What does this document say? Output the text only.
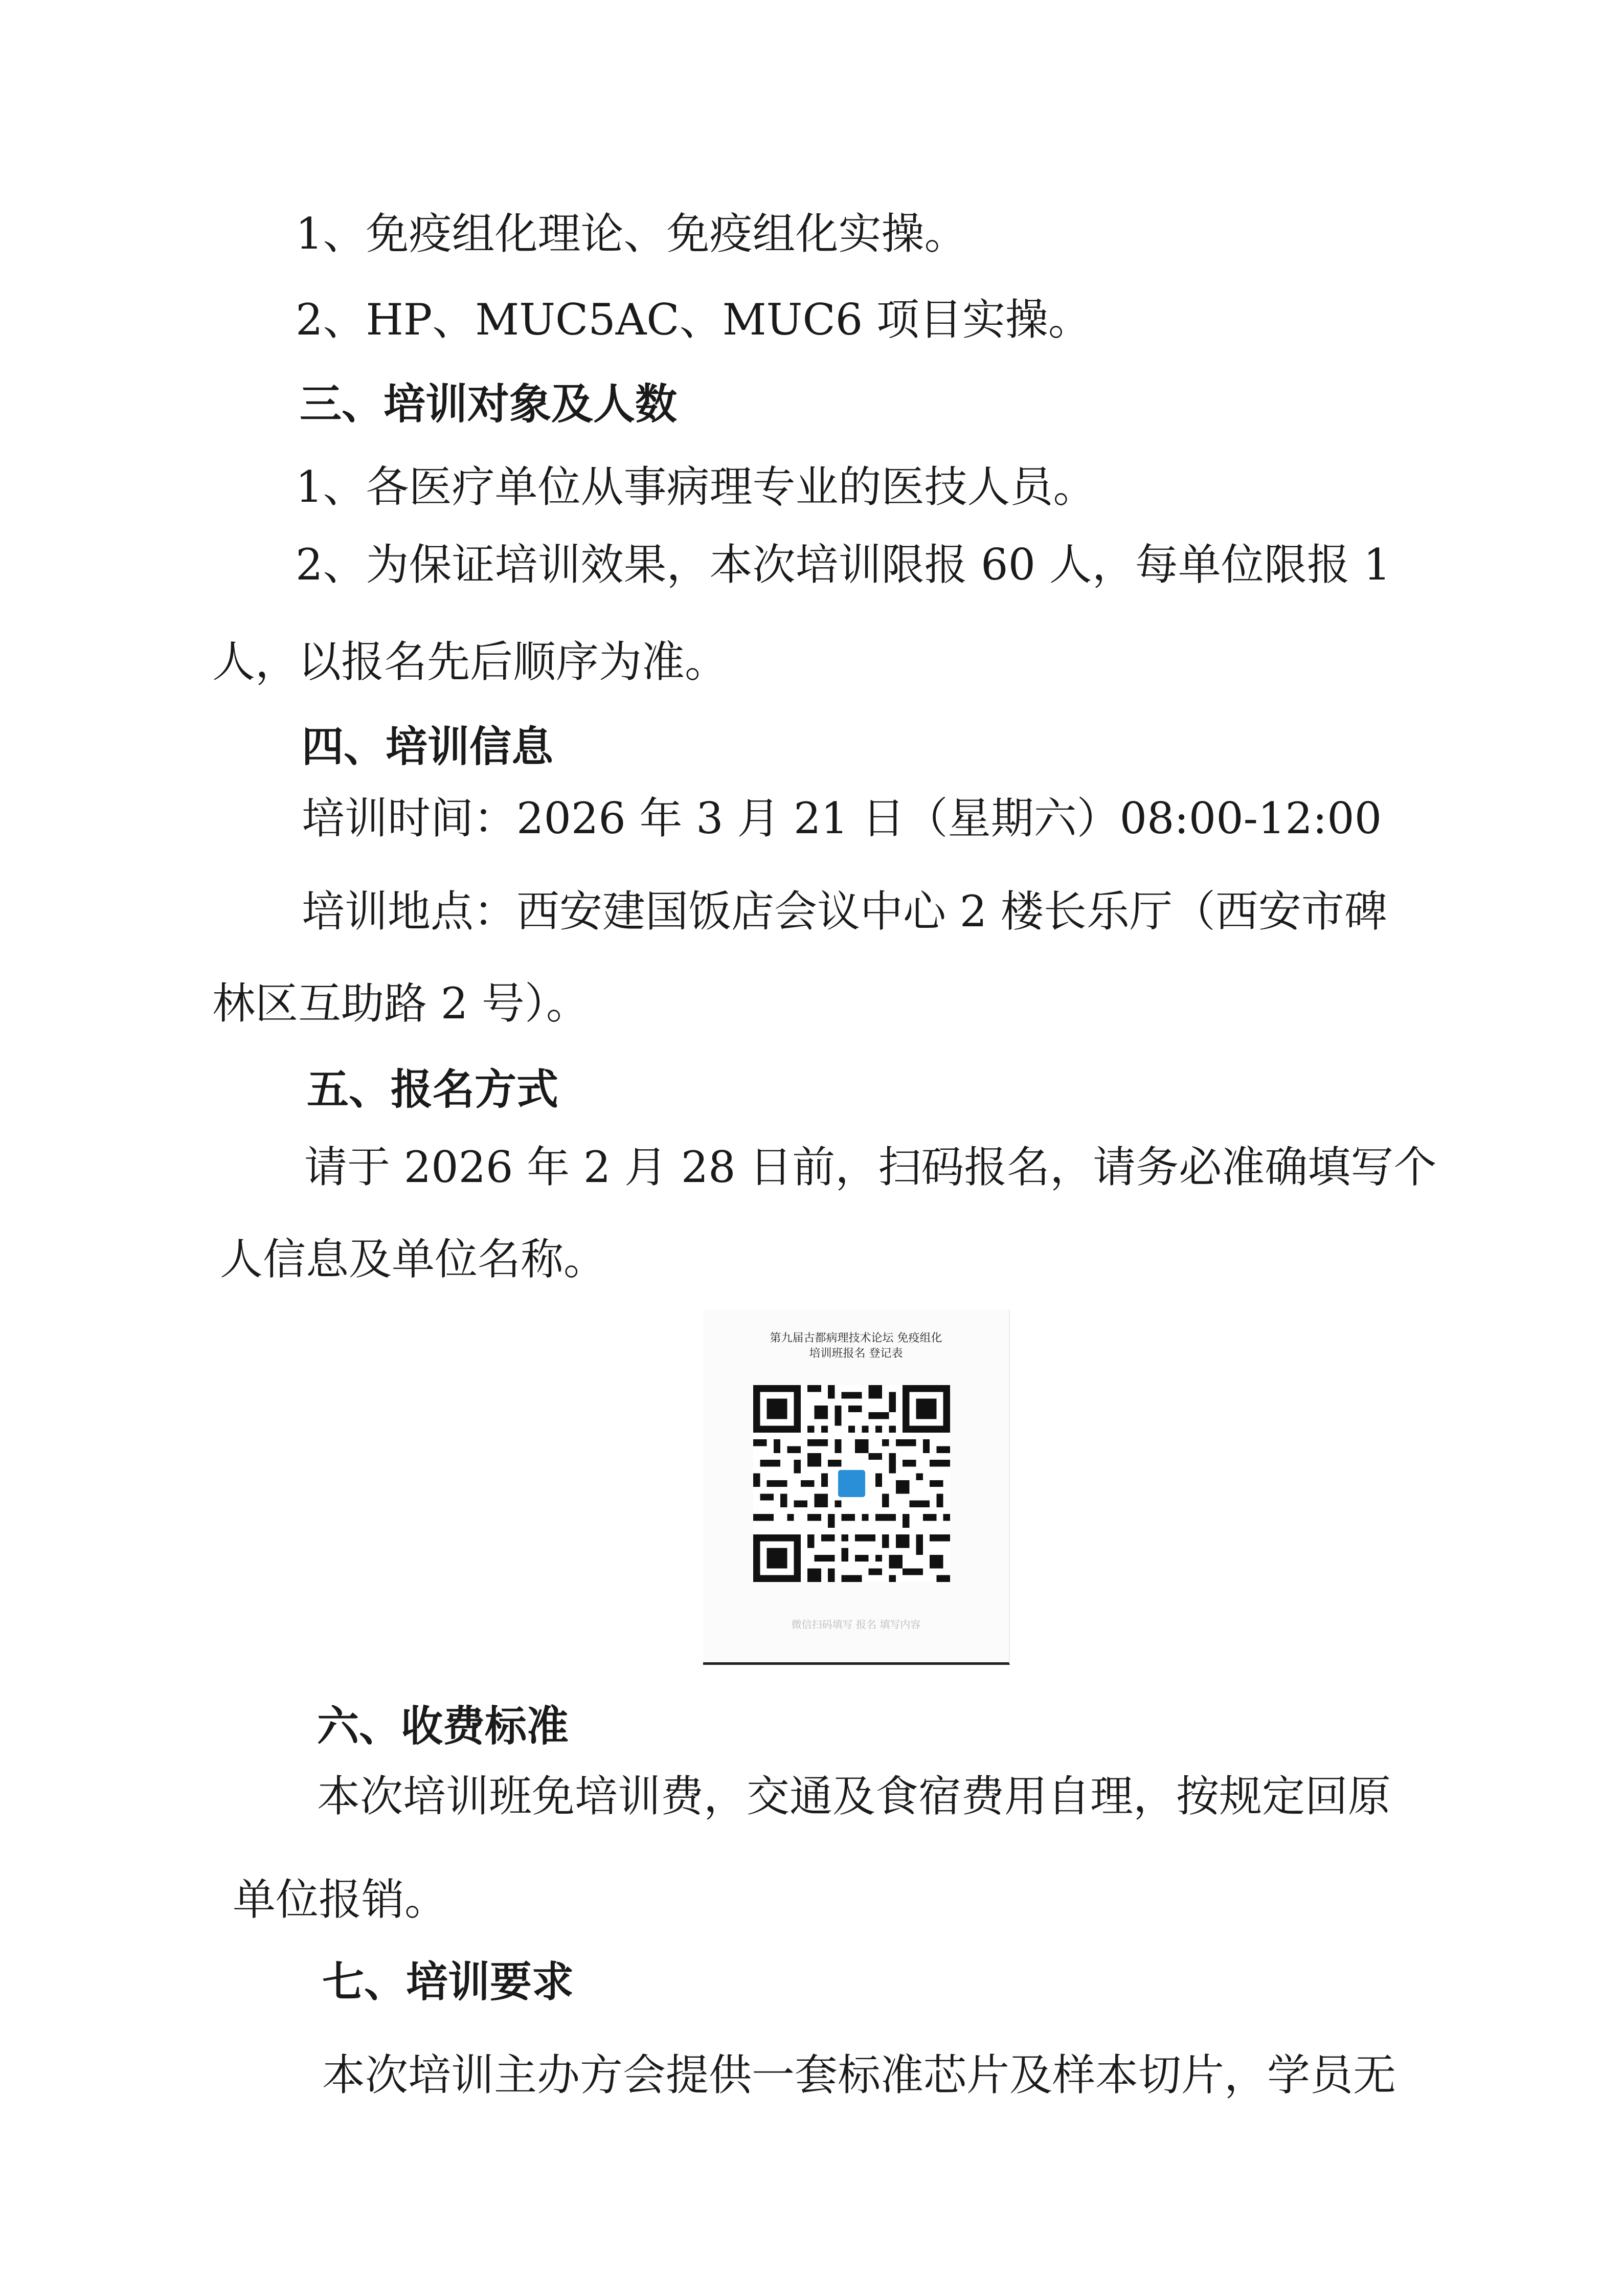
1、免疫组化理论、免疫组化实操。
2、HP、MUC5AC、MUC6 项目实操。
三、培训对象及人数
1、各医疗单位从事病理专业的医技人员。
2、为保证培训效果，本次培训限报 60 人，每单位限报 1
人，以报名先后顺序为准。
四、培训信息
培训时间：2026 年 3 月 21 日（星期六）08:00-12:00
培训地点：西安建国饭店会议中心 2 楼长乐厅（西安市碑
林区互助路 2 号）。
五、报名方式
请于 2026 年 2 月 28 日前，扫码报名，请务必准确填写个
人信息及单位名称。
第九届古都病理技术论坛 免疫组化
培训班报名 登记表
微信扫码填写 报名 填写内容
六、收费标准
本次培训班免培训费，交通及食宿费用自理，按规定回原
单位报销。
七、培训要求
本次培训主办方会提供一套标准芯片及样本切片，学员无
